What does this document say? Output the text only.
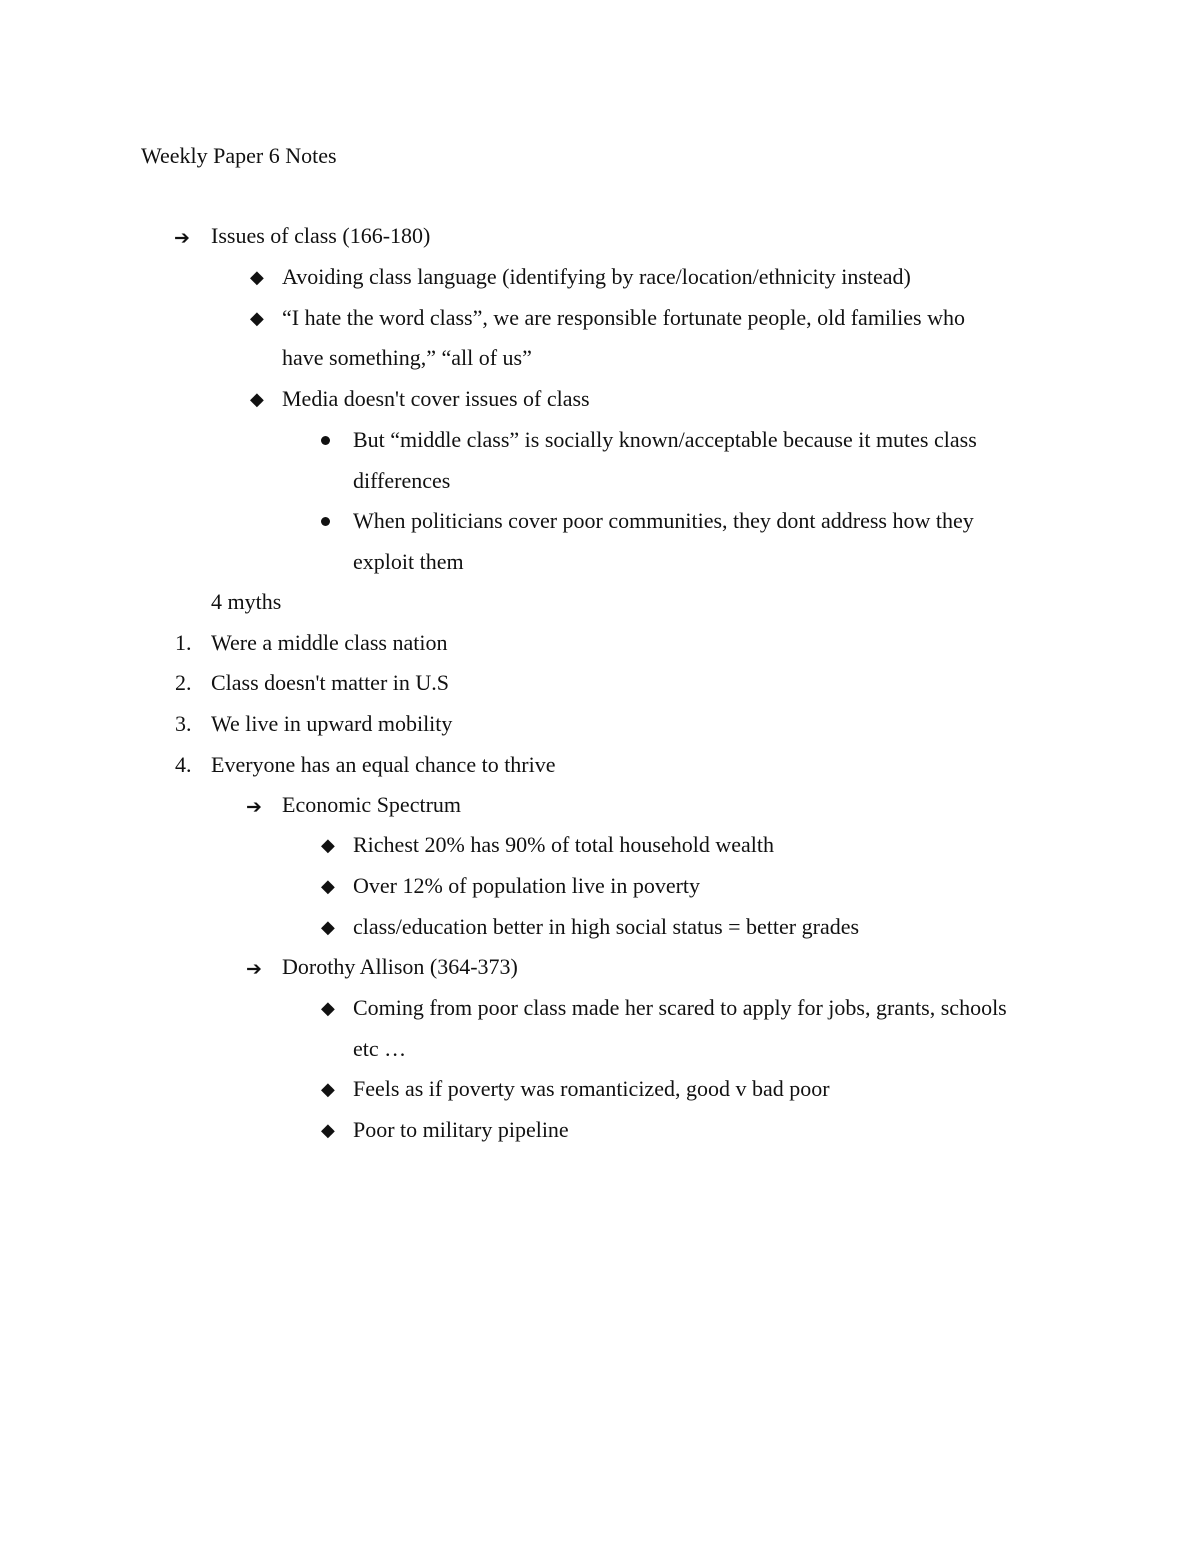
Weekly Paper 6 Notes
➔ Issues of class (166-180)
◆ Avoiding class language (identifying by race/location/ethnicity instead)
◆ “I hate the word class”, we are responsible fortunate people, old families who
have something,” “all of us”
◆ Media doesn't cover issues of class
But “middle class” is socially known/acceptable because it mutes class
differences
When politicians cover poor communities, they dont address how they
exploit them
4 myths
1. Were a middle class nation
2. Class doesn't matter in U.S
3. We live in upward mobility
4. Everyone has an equal chance to thrive
➔ Economic Spectrum
◆ Richest 20% has 90% of total household wealth
◆ Over 12% of population live in poverty
◆ class/education better in high social status = better grades
➔ Dorothy Allison (364-373)
◆ Coming from poor class made her scared to apply for jobs, grants, schools
etc …
◆ Feels as if poverty was romanticized, good v bad poor
◆ Poor to military pipeline
